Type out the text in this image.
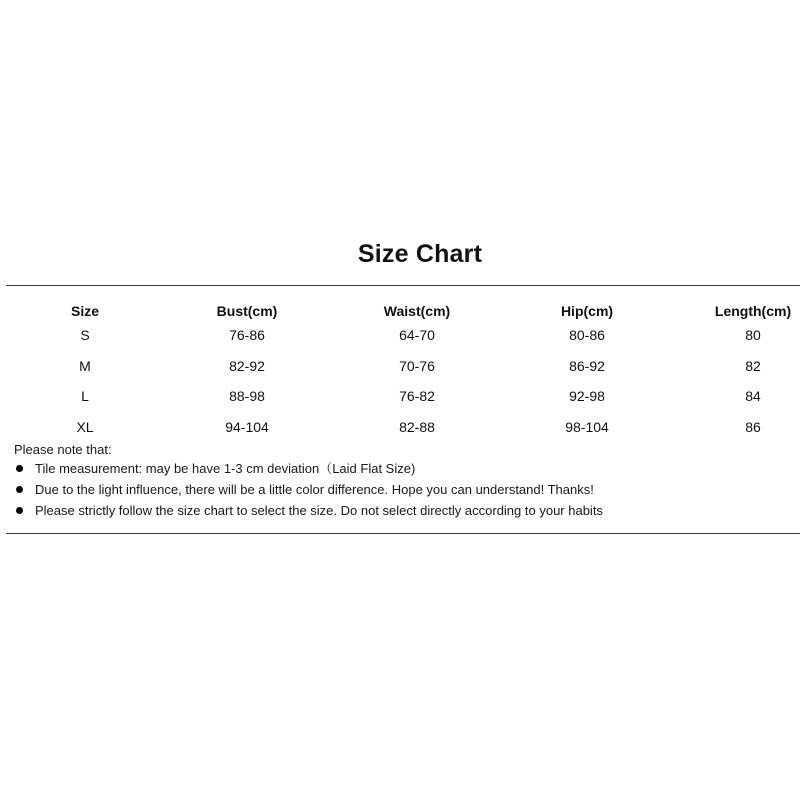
Size Chart
Size	Bust(cm)	Waist(cm)	Hip(cm)	Length(cm)
S	76-86	64-70	80-86	80
M	82-92	70-76	86-92	82
L	88-98	76-82	92-98	84
XL	94-104	82-88	98-104	86
Please note that:
Tile measurement: may be have 1-3 cm deviation（Laid Flat Size)
Due to the light influence, there will be a little color difference. Hope you can understand! Thanks!
Please strictly follow the size chart to select the size. Do not select directly according to your habits
